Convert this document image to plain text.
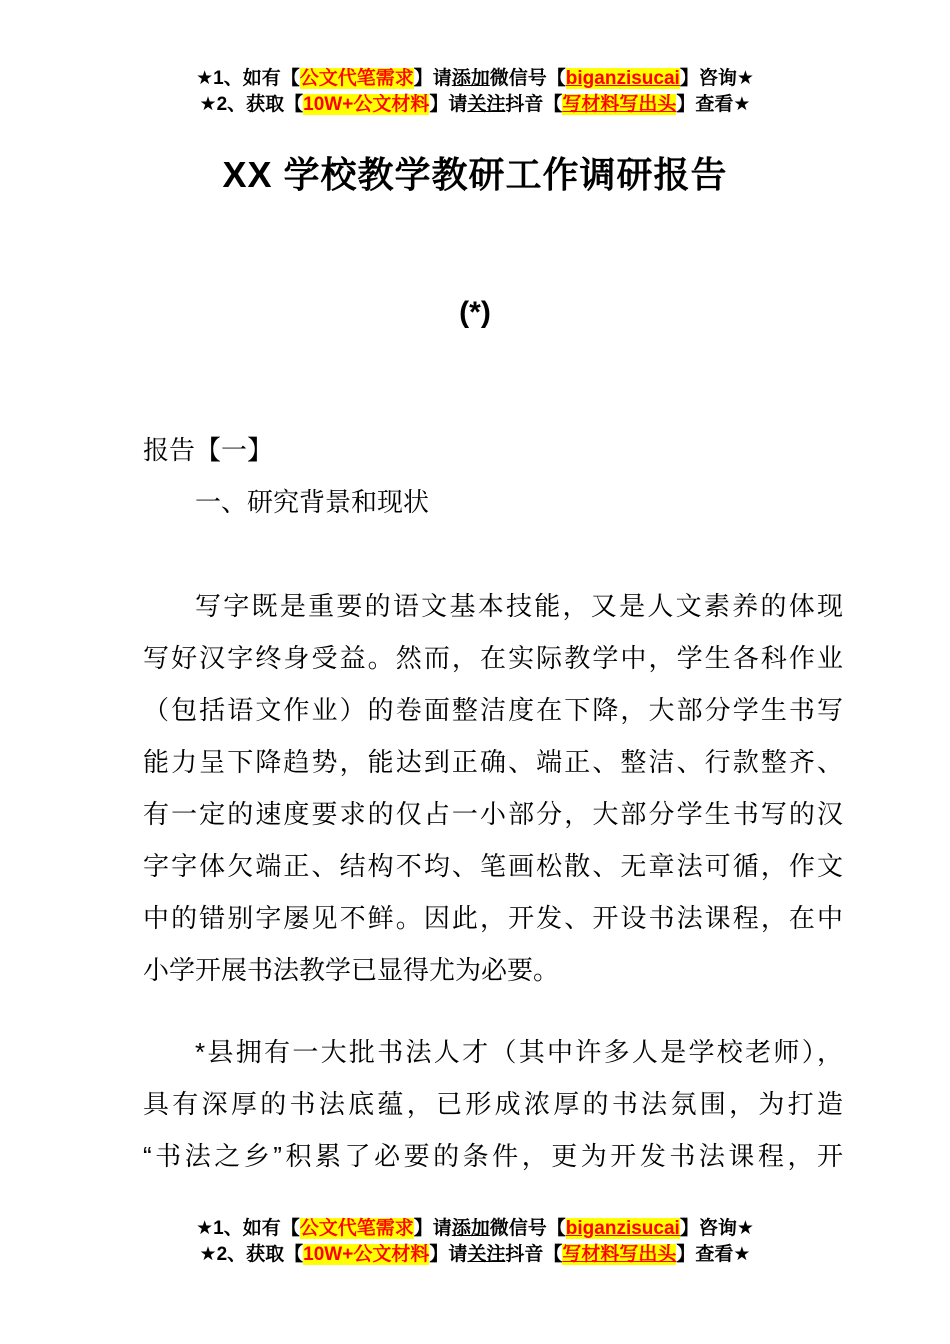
★1、如有【公文代笔需求】请添加微信号【biganzisucai】咨询★
★2、获取【10W+公文材料】请关注抖音【写材料写出头】查看★
XX 学校教学教研工作调研报告
(*)
报告【一】
一、研究背景和现状
写字既是重要的语文基本技能，又是人文素养的体现
写好汉字终身受益。然而，在实际教学中，学生各科作业
（包括语文作业）的卷面整洁度在下降，大部分学生书写
能力呈下降趋势，能达到正确、端正、整洁、行款整齐、
有一定的速度要求的仅占一小部分，大部分学生书写的汉
字字体欠端正、结构不均、笔画松散、无章法可循，作文
中的错别字屡见不鲜。因此，开发、开设书法课程，在中
小学开展书法教学已显得尤为必要。
*县拥有一大批书法人才（其中许多人是学校老师），
具有深厚的书法底蕴，已形成浓厚的书法氛围，为打造
“书法之乡”积累了必要的条件，更为开发书法课程，开
★1、如有【公文代笔需求】请添加微信号【biganzisucai】咨询★
★2、获取【10W+公文材料】请关注抖音【写材料写出头】查看★
